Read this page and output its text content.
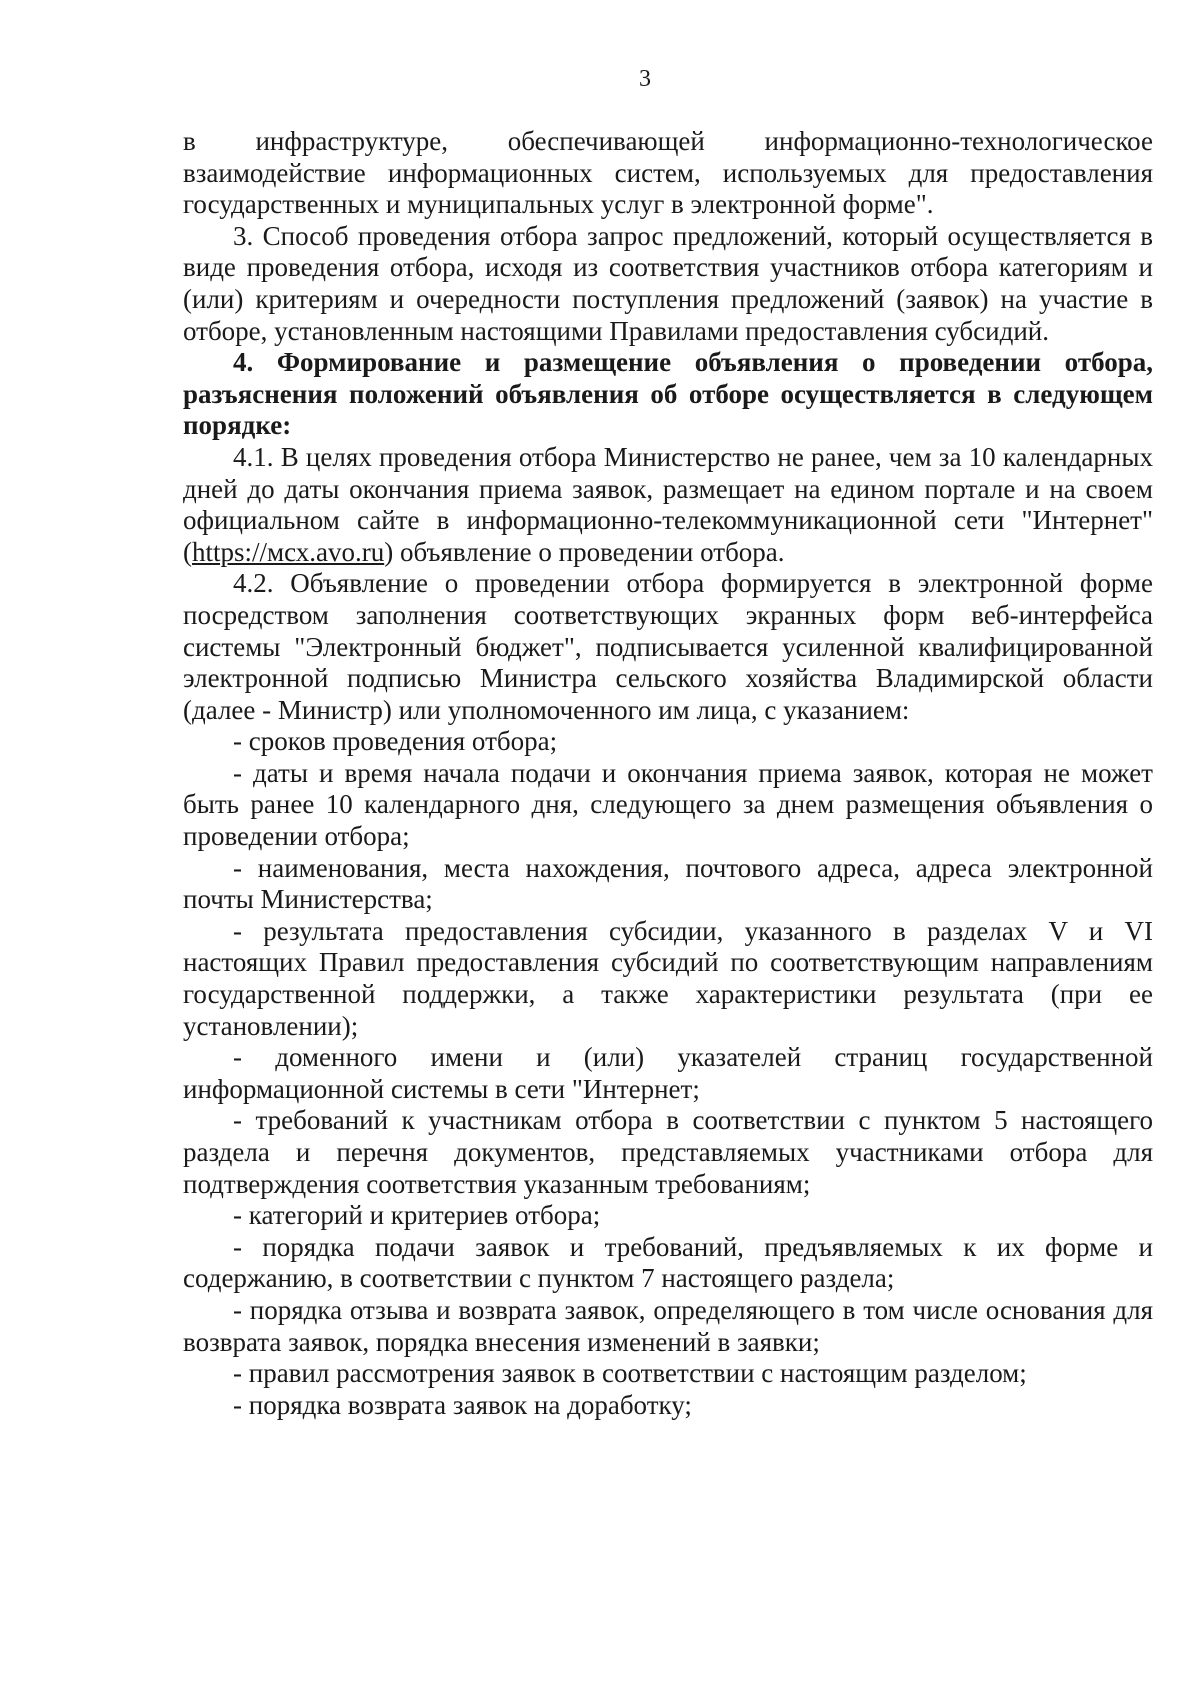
3

в инфраструктуре, обеспечивающей информационно-технологическое взаимодействие информационных систем, используемых для предоставления государственных и муниципальных услуг в электронной форме".

3. Способ проведения отбора запрос предложений, который осуществляется в виде проведения отбора, исходя из соответствия участников отбора категориям и (или) критериям и очередности поступления предложений (заявок) на участие в отборе, установленным настоящими Правилами предоставления субсидий.

4. Формирование и размещение объявления о проведении отбора, разъяснения положений объявления об отборе осуществляется в следующем порядке:

4.1. В целях проведения отбора Министерство не ранее, чем за 10 календарных дней до даты окончания приема заявок, размещает на едином портале и на своем официальном сайте в информационно-телекоммуникационной сети "Интернет" (https://мсх.avo.ru) объявление о проведении отбора.

4.2. Объявление о проведении отбора формируется в электронной форме посредством заполнения соответствующих экранных форм веб-интерфейса системы "Электронный бюджет", подписывается усиленной квалифицированной электронной подписью Министра сельского хозяйства Владимирской области (далее - Министр) или уполномоченного им лица, с указанием:

- сроков проведения отбора;

- даты и время начала подачи и окончания приема заявок, которая не может быть ранее 10 календарного дня, следующего за днем размещения объявления о проведении отбора;

- наименования, места нахождения, почтового адреса, адреса электронной почты Министерства;

- результата предоставления субсидии, указанного в разделах V и VI настоящих Правил предоставления субсидий по соответствующим направлениям государственной поддержки, а также характеристики результата (при ее установлении);

- доменного имени и (или) указателей страниц государственной информационной системы в сети "Интернет;

- требований к участникам отбора в соответствии с пунктом 5 настоящего раздела и перечня документов, представляемых участниками отбора для подтверждения соответствия указанным требованиям;

- категорий и критериев отбора;

- порядка подачи заявок и требований, предъявляемых к их форме и содержанию, в соответствии с пунктом 7 настоящего раздела;

- порядка отзыва и возврата заявок, определяющего в том числе основания для возврата заявок, порядка внесения изменений в заявки;

- правил рассмотрения заявок в соответствии с настоящим разделом;

- порядка возврата заявок на доработку;
